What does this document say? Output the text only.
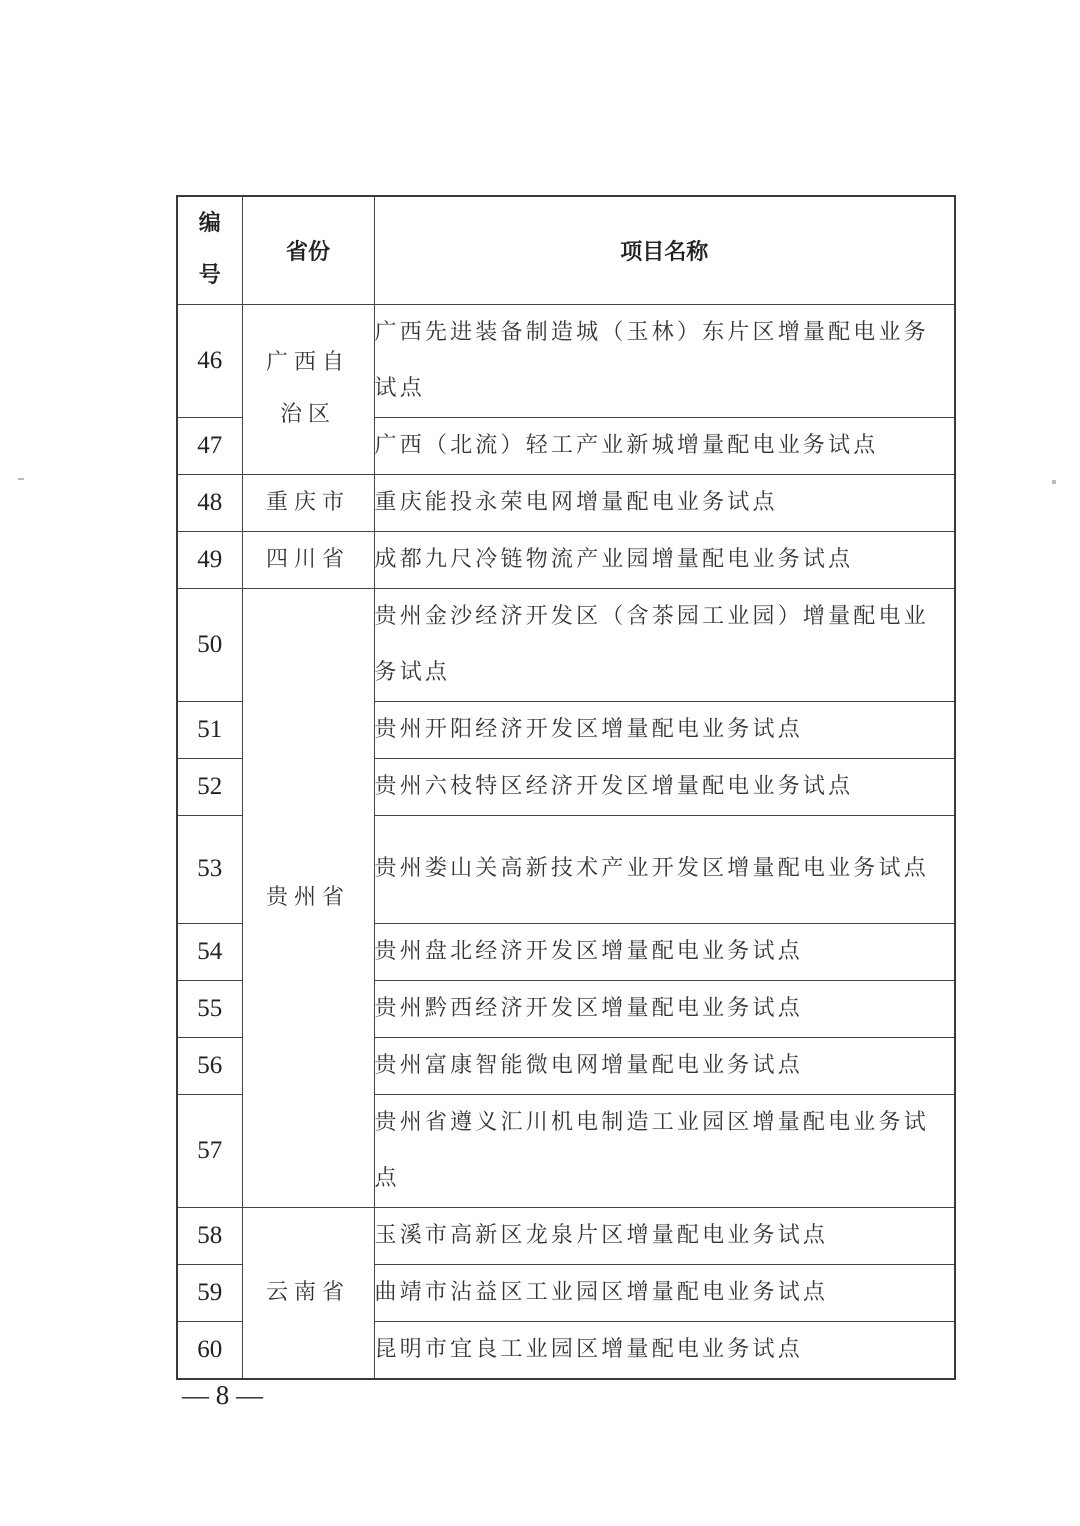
编
号	省份	项目名称
46	广西自治区	广西先进装备制造城（玉林）东片区增量配电业务试点
47		广西（北流）轻工产业新城增量配电业务试点
48	重庆市	重庆能投永荣电网增量配电业务试点
49	四川省	成都九尺冷链物流产业园增量配电业务试点
50	贵州省	贵州金沙经济开发区（含茶园工业园）增量配电业务试点
51		贵州开阳经济开发区增量配电业务试点
52		贵州六枝特区经济开发区增量配电业务试点
53		贵州娄山关高新技术产业开发区增量配电业务试点
54		贵州盘北经济开发区增量配电业务试点
55		贵州黔西经济开发区增量配电业务试点
56		贵州富康智能微电网增量配电业务试点
57		贵州省遵义汇川机电制造工业园区增量配电业务试点
58	云南省	玉溪市高新区龙泉片区增量配电业务试点
59		曲靖市沾益区工业园区增量配电业务试点
60		昆明市宜良工业园区增量配电业务试点
— 8 —
